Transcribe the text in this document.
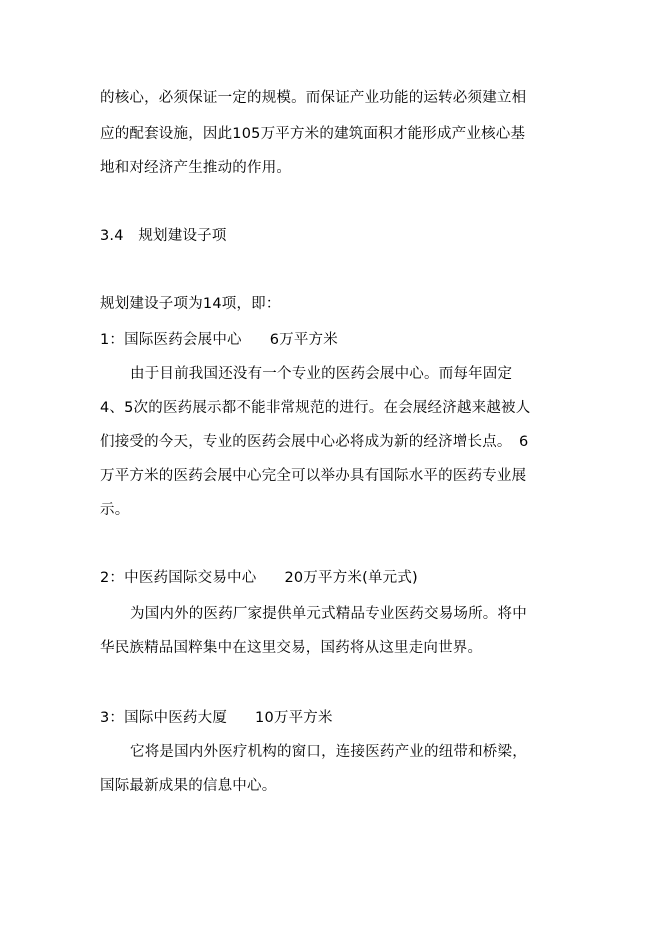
的核心，必须保证一定的规模。而保证产业功能的运转必须建立相
应的配套设施，因此105万平方米的建筑面积才能形成产业核心基
地和对经济产生推动的作用。
3.4　规划建设子项
规划建设子项为14项，即：
1：国际医药会展中心 6万平方米
由于目前我国还没有一个专业的医药会展中心。而每年固定
4、5次的医药展示都不能非常规范的进行。在会展经济越来越被人
们接受的今天，专业的医药会展中心必将成为新的经济增长点。　6
万平方米的医药会展中心完全可以举办具有国际水平的医药专业展
示。
2：中医药国际交易中心 20万平方米(单元式)
为国内外的医药厂家提供单元式精品专业医药交易场所。将中
华民族精品国粹集中在这里交易，国药将从这里走向世界。
3：国际中医药大厦 10万平方米
它将是国内外医疗机构的窗口，连接医药产业的纽带和桥梁，
国际最新成果的信息中心。
